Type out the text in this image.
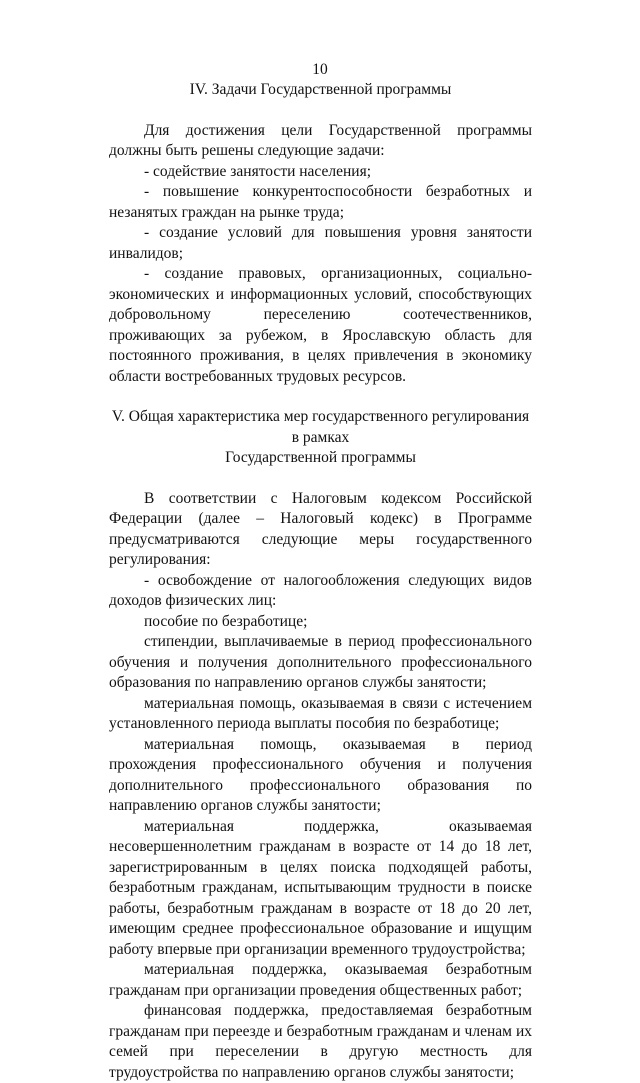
10

IV. Задачи Государственной программы

Для достижения цели Государственной программы должны быть решены следующие задачи:

- содействие занятости населения;

- повышение конкурентоспособности безработных и незанятых граждан на рынке труда;

- создание условий для повышения уровня занятости инвалидов;

- создание правовых, организационных, социально-экономических и информационных условий, способствующих добровольному переселению соотечественников, проживающих за рубежом, в Ярославскую область для постоянного проживания, в целях привлечения в экономику области востребованных трудовых ресурсов.

V. Общая характеристика мер государственного регулирования в рамках
Государственной программы

В соответствии с Налоговым кодексом Российской Федерации (далее – Налоговый кодекс) в Программе предусматриваются следующие меры государственного регулирования:

- освобождение от налогообложения следующих видов доходов физических лиц:

пособие по безработице;

стипендии, выплачиваемые в период профессионального обучения и получения дополнительного профессионального образования по направлению органов службы занятости;

материальная помощь, оказываемая в связи с истечением установленного периода выплаты пособия по безработице;

материальная помощь, оказываемая в период прохождения профессионального обучения и получения дополнительного профессионального образования по направлению органов службы занятости;

материальная поддержка, оказываемая несовершеннолетним гражданам в возрасте от 14 до 18 лет, зарегистрированным в целях поиска подходящей работы, безработным гражданам, испытывающим трудности в поиске работы, безработным гражданам в возрасте от 18 до 20 лет, имеющим среднее профессиональное образование и ищущим работу впервые при организации временного трудоустройства;

материальная поддержка, оказываемая безработным гражданам при организации проведения общественных работ;

финансовая поддержка, предоставляемая безработным гражданам при переезде и безработным гражданам и членам их семей при переселении в другую местность для трудоустройства по направлению органов службы занятости;
